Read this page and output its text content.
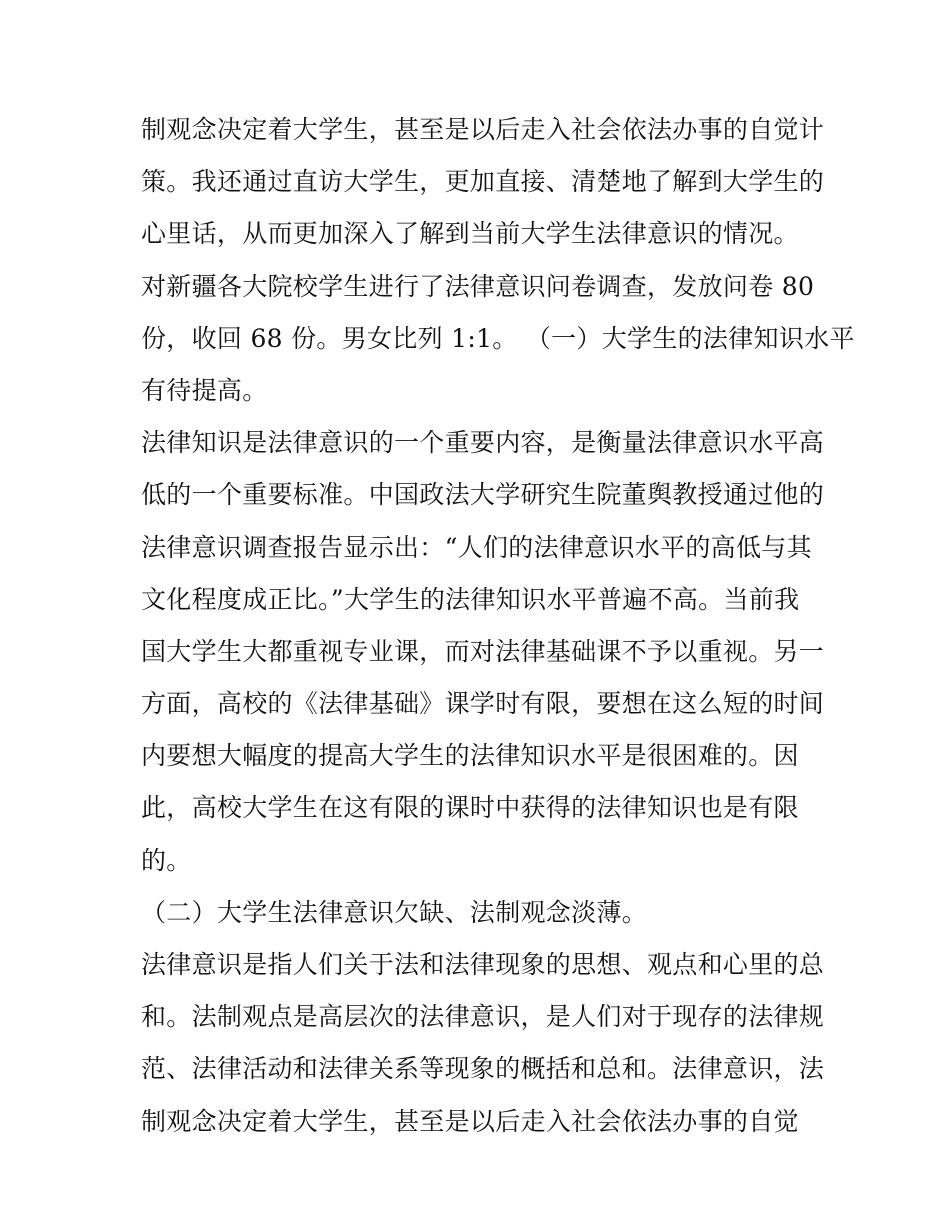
制观念决定着大学生，甚至是以后走入社会依法办事的自觉计
策。我还通过直访大学生，更加直接、清楚地了解到大学生的
心里话，从而更加深入了解到当前大学生法律意识的情况。
对新疆各大院校学生进行了法律意识问卷调查，发放问卷 80
份，收回 68 份。男女比列 1:1。 （一）大学生的法律知识水平
有待提高。
法律知识是法律意识的一个重要内容，是衡量法律意识水平高
低的一个重要标准。中国政法大学研究生院董舆教授通过他的
法律意识调查报告显示出：“人们的法律意识水平的高低与其
文化程度成正比。”大学生的法律知识水平普遍不高。当前我
国大学生大都重视专业课，而对法律基础课不予以重视。另一
方面，高校的《法律基础》课学时有限，要想在这么短的时间
内要想大幅度的提高大学生的法律知识水平是很困难的。因
此，高校大学生在这有限的课时中获得的法律知识也是有限
的。
（二）大学生法律意识欠缺、法制观念淡薄。
法律意识是指人们关于法和法律现象的思想、观点和心里的总
和。法制观点是高层次的法律意识，是人们对于现存的法律规
范、法律活动和法律关系等现象的概括和总和。法律意识，法
制观念决定着大学生，甚至是以后走入社会依法办事的自觉
